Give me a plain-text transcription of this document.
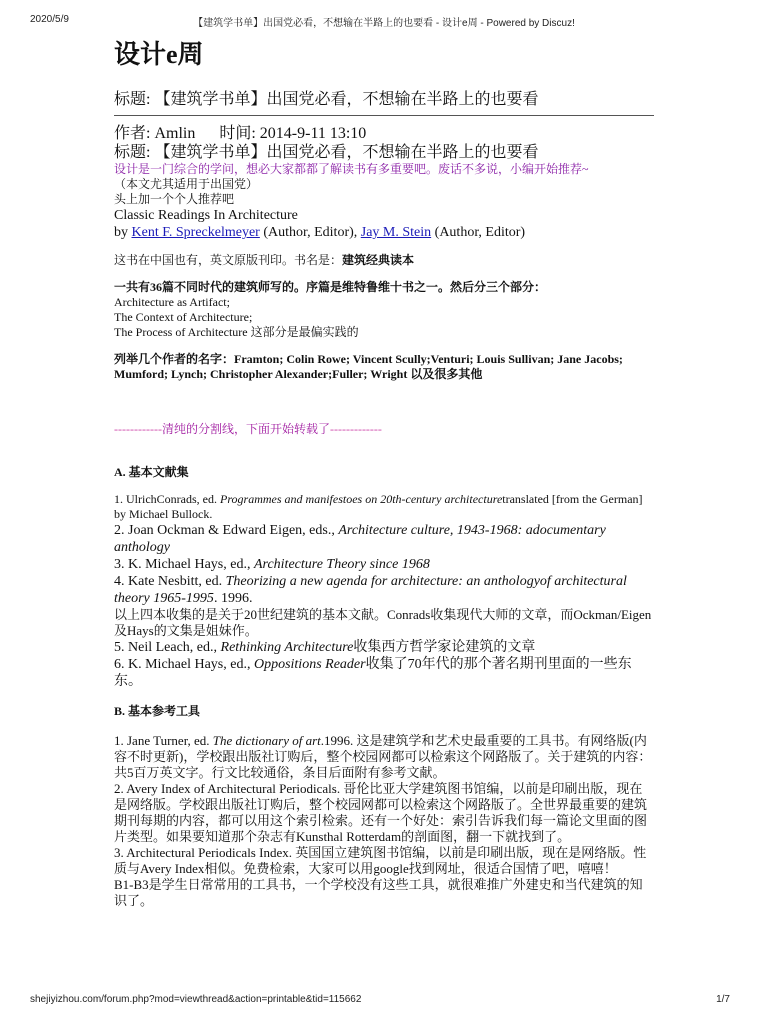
2020/5/9	【建筑学书单】出国党必看，不想输在半路上的也要看 - 设计e周 - Powered by Discuz!
设计e周
标题: 【建筑学书单】出国党必看，不想输在半路上的也要看
作者: Amlin 时间: 2014-9-11 13:10
标题: 【建筑学书单】出国党必看，不想输在半路上的也要看
设计是一门综合的学问，想必大家都都了解读书有多重要吧。废话不多说，小编开始推荐~
（本文尤其适用于出国党）
头上加一个个人推荐吧
Classic Readings In Architecture
by Kent F. Spreckelmeyer (Author, Editor), Jay M. Stein (Author, Editor)
这书在中国也有，英文原版刊印。书名是：建筑经典读本
一共有36篇不同时代的建筑师写的。序篇是维特鲁维十书之一。然后分三个部分：
Architecture as Artifact;
The Context of Architecture;
The Process of Architecture 这部分是最偏实践的
列举几个作者的名字：Framton; Colin Rowe; Vincent Scully;Venturi; Louis Sullivan; Jane Jacobs; Mumford; Lynch; Christopher Alexander;Fuller; Wright 以及很多其他
------------清纯的分割线，下面开始转载了-------------
A. 基本文献集
1. UlrichConrads, ed. Programmes and manifestoes on 20th-century architecturetranslated [from the German] by Michael Bullock.
2. Joan Ockman & Edward Eigen, eds., Architecture culture, 1943-1968: adocumentary anthology
3. K. Michael Hays, ed., Architecture Theory since 1968
4. Kate Nesbitt, ed. Theorizing a new agenda for architecture: an anthologyof architectural theory 1965-1995. 1996.
以上四本收集的是关于20世纪建筑的基本文献。Conrads收集现代大师的文章，而Ockman/Eigen及Hays的文集是姐妹作。
5. Neil Leach, ed., Rethinking Architecture收集西方哲学家论建筑的文章
6. K. Michael Hays, ed., Oppositions Reader收集了70年代的那个著名期刊里面的一些东东。
B. 基本参考工具
1. Jane Turner, ed. The dictionary of art.1996. 这是建筑学和艺术史最重要的工具书。有网络版(内容不时更新)，学校跟出版社订购后，整个校园网都可以检索这个网路版了。关于建筑的内容：共5百万英文字。行文比较通俗，条目后面附有参考文献。
2. Avery Index of Architectural Periodicals. 哥伦比亚大学建筑图书馆编，以前是印刷出版，现在是网络版。学校跟出版社订购后，整个校园网都可以检索这个网路版了。全世界最重要的建筑期刊每期的内容，都可以用这个索引检索。还有一个好处：索引告诉我们每一篇论文里面的图片类型。如果要知道那个杂志有Kunsthal Rotterdam的剖面图，翻一下就找到了。
3. Architectural Periodicals Index. 英国国立建筑图书馆编，以前是印刷出版，现在是网络版。性质与Avery Index相似。免费检索，大家可以用google找到网址，很适合国情了吧，嘻嘻！
B1-B3是学生日常常用的工具书，一个学校没有这些工具，就很难推广外建史和当代建筑的知识了。
shejiyizhou.com/forum.php?mod=viewthread&action=printable&tid=115662	1/7
